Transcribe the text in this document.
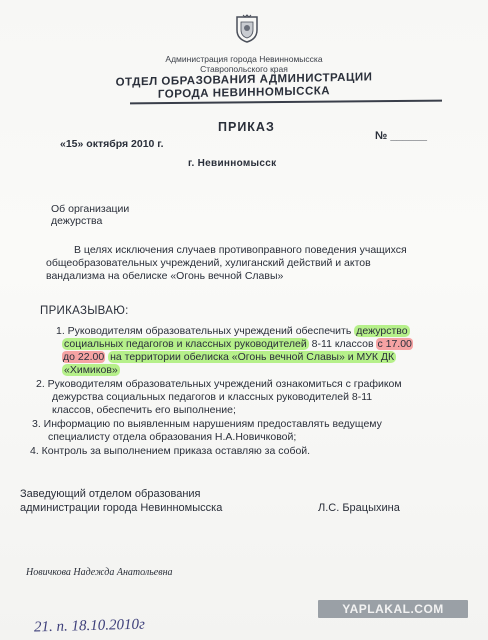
Администрация города Невинномысска
Ставропольского края
ОТДЕЛ ОБРАЗОВАНИЯ АДМИНИСТРАЦИИ
ГОРОДА НЕВИННОМЫССКА
ПРИКАЗ
«15» октября 2010 г.
№ ______
г. Невинномысск
Об организации
дежурства
В целях исключения случаев противоправного поведения учащихся
общеобразовательных учреждений, хулиганский действий и актов
вандализма на обелиске «Огонь вечной Славы»
ПРИКАЗЫВАЮ:
1. Руководителям образовательных учреждений обеспечить дежурство
социальных педагогов и классных руководителей 8-11 классов с 17.00
до 22.00 на территории обелиска «Огонь вечной Славы» и МУК ДК
«Химиков»
2. Руководителям образовательных учреждений ознакомиться с графиком
дежурства социальных педагогов и классных руководителей 8-11
классов, обеспечить его выполнение;
3. Информацию по выявленным нарушениям предоставлять ведущему
специалисту отдела образования Н.А.Новичковой;
4. Контроль за выполнением приказа оставляю за собой.
Заведующий отделом образования
администрации города Невинномысска	Л.С. Брацыхина
Новичкова Надежда Анатольевна
YAPLAKAL.COM
21. п. 18.10.2010г
